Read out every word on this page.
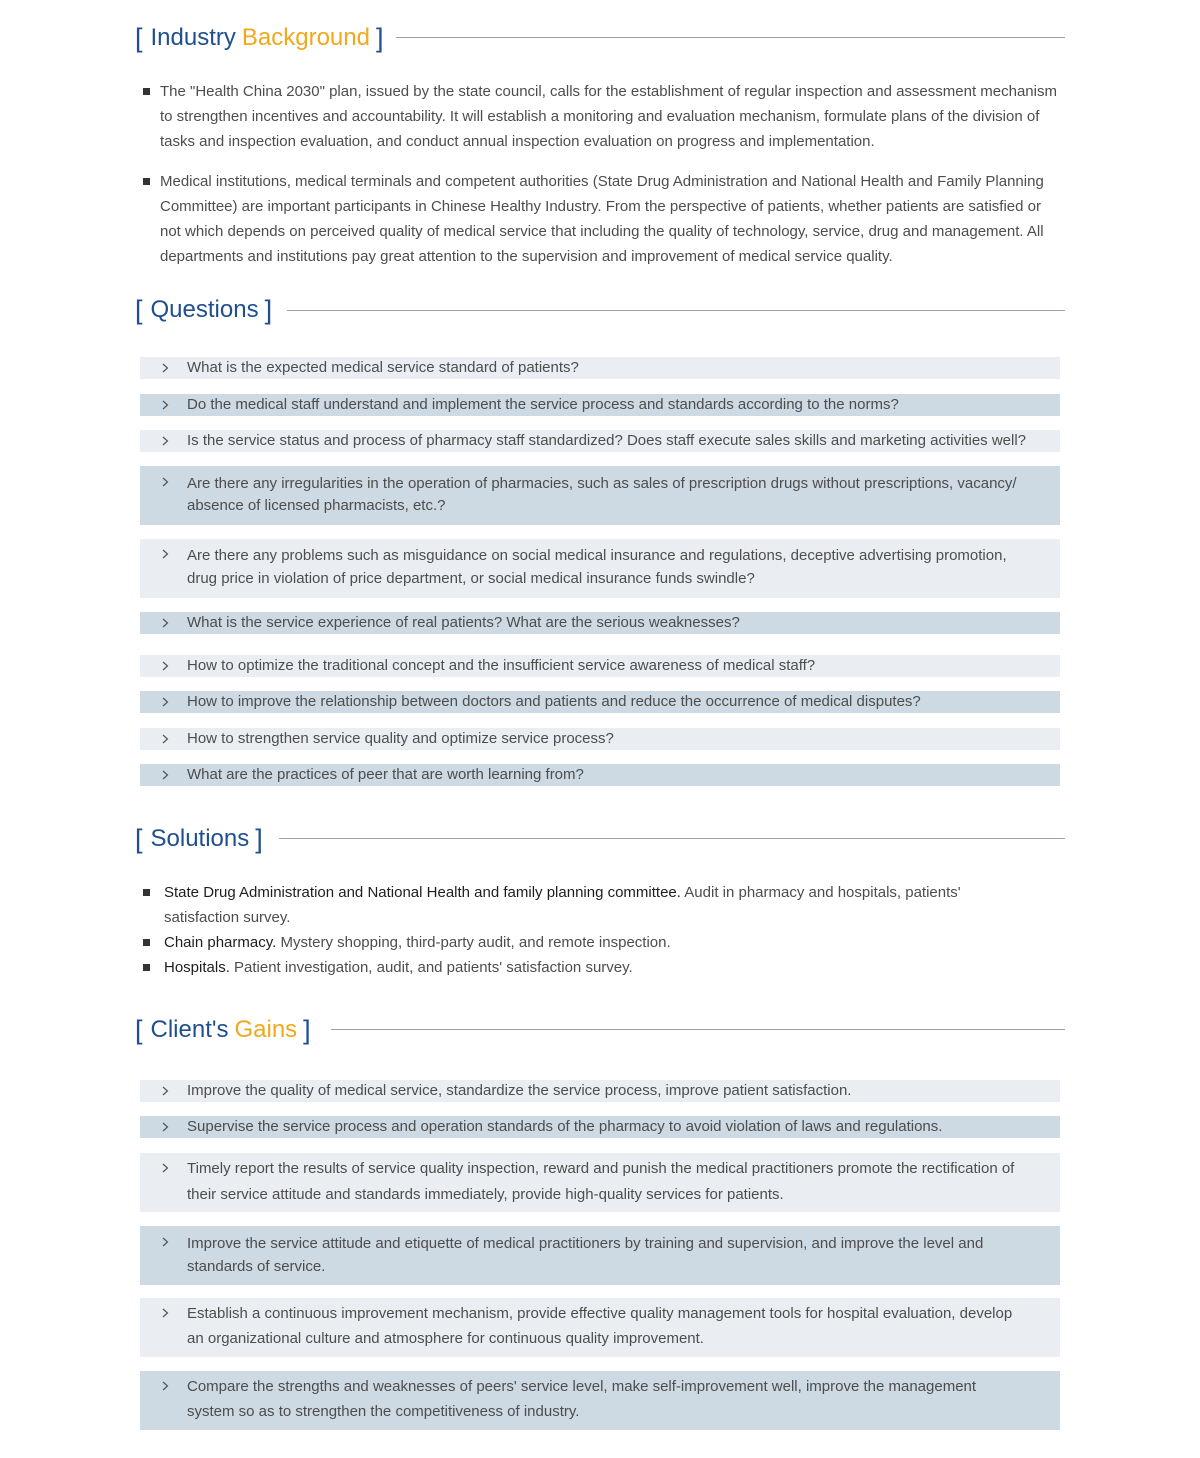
[ Industry Background ]
The "Health China 2030" plan, issued by the state council, calls for the establishment of regular inspection and assessment mechanism to strengthen incentives and accountability. It will establish a monitoring and evaluation mechanism, formulate plans of the division of tasks and inspection evaluation, and conduct annual inspection evaluation on progress and implementation.
Medical institutions, medical terminals and competent authorities (State Drug Administration and National Health and Family Planning Committee) are important participants in Chinese Healthy Industry. From the perspective of patients, whether patients are satisfied or not which depends on perceived quality of medical service that including the quality of technology, service, drug and management. All departments and institutions pay great attention to the supervision and improvement of medical service quality.
[ Questions ]
What is the expected medical service standard of patients?
Do the medical staff understand and implement the service process and standards according to the norms?
Is the service status and process of pharmacy staff standardized? Does staff execute sales skills and marketing activities well?
Are there any irregularities in the operation of pharmacies, such as sales of prescription drugs without prescriptions, vacancy/ absence of licensed pharmacists, etc.?
Are there any problems such as misguidance on social medical insurance and regulations, deceptive advertising promotion, drug price in violation of price department, or social medical insurance funds swindle?
What is the service experience of real patients? What are the serious weaknesses?
How to optimize the traditional concept and the insufficient service awareness of medical staff?
How to improve the relationship between doctors and patients and reduce the occurrence of medical disputes?
How to strengthen service quality and optimize service process?
What are the practices of peer that are worth learning from?
[ Solutions ]
State Drug Administration and National Health and family planning committee. Audit in pharmacy and hospitals, patients' satisfaction survey.
Chain pharmacy. Mystery shopping, third-party audit, and remote inspection.
Hospitals. Patient investigation, audit, and patients' satisfaction survey.
[ Client's Gains ]
Improve the quality of medical service, standardize the service process, improve patient satisfaction.
Supervise the service process and operation standards of the pharmacy to avoid violation of laws and regulations.
Timely report the results of service quality inspection, reward and punish the medical practitioners promote the rectification of their service attitude and standards immediately, provide high-quality services for patients.
Improve the service attitude and etiquette of medical practitioners by training and supervision, and improve the level and standards of service.
Establish a continuous improvement mechanism, provide effective quality management tools for hospital evaluation, develop an organizational culture and atmosphere for continuous quality improvement.
Compare the strengths and weaknesses of peers' service level, make self-improvement well, improve the management system so as to strengthen the competitiveness of industry.
